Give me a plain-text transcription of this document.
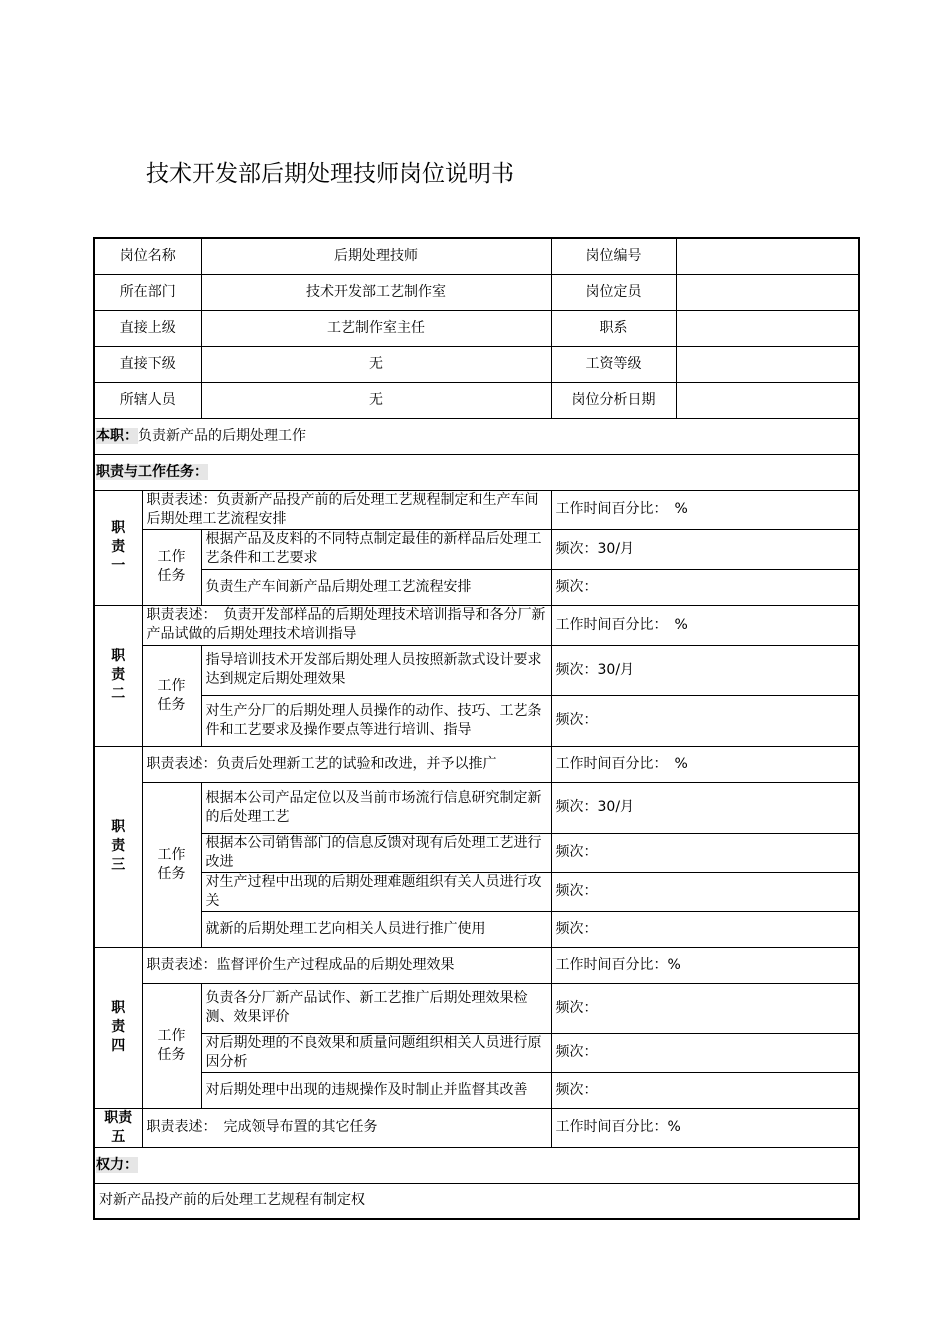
技术开发部后期处理技师岗位说明书
岗位名称		后期处理技师	岗位编号	
所在部门		技术开发部工艺制作室	岗位定员	
直接上级		工艺制作室主任	职系	
直接下级		无	工资等级	
所辖人员		无	岗位分析日期	
本职：负责新产品的后期处理工作				
职责与工作任务：				
职责一	职责表述：负责新产品投产前的后处理工艺规程制定和生产车间后期处理工艺流程安排		工作时间百分比：　%	
	工作任务	根据产品及皮料的不同特点制定最佳的新样品后处理工艺条件和工艺要求	频次：30/月	
		负责生产车间新产品后期处理工艺流程安排	频次：	
职责二	职责表述：　负责开发部样品的后期处理技术培训指导和各分厂新产品试做的后期处理技术培训指导		工作时间百分比：　%	
	工作任务	指导培训技术开发部后期处理人员按照新款式设计要求达到规定后期处理效果	频次：30/月	
		对生产分厂的后期处理人员操作的动作、技巧、工艺条件和工艺要求及操作要点等进行培训、指导	频次：	
职责三	职责表述：负责后处理新工艺的试验和改进，并予以推广		工作时间百分比：　%	
	工作任务	根据本公司产品定位以及当前市场流行信息研究制定新的后处理工艺	频次：30/月	
		根据本公司销售部门的信息反馈对现有后处理工艺进行改进	频次：	
		对生产过程中出现的后期处理难题组织有关人员进行攻关	频次：	
		就新的后期处理工艺向相关人员进行推广使用	频次：	
职责四	职责表述：监督评价生产过程成品的后期处理效果		工作时间百分比：%	
	工作任务	负责各分厂新产品试作、新工艺推广后期处理效果检测、效果评价	频次：	
		对后期处理的不良效果和质量问题组织相关人员进行原因分析	频次：	
		对后期处理中出现的违规操作及时制止并监督其改善	频次：	
职责五	职责表述：　完成领导布置的其它任务		工作时间百分比：%	
权力：				
对新产品投产前的后处理工艺规程有制定权				
